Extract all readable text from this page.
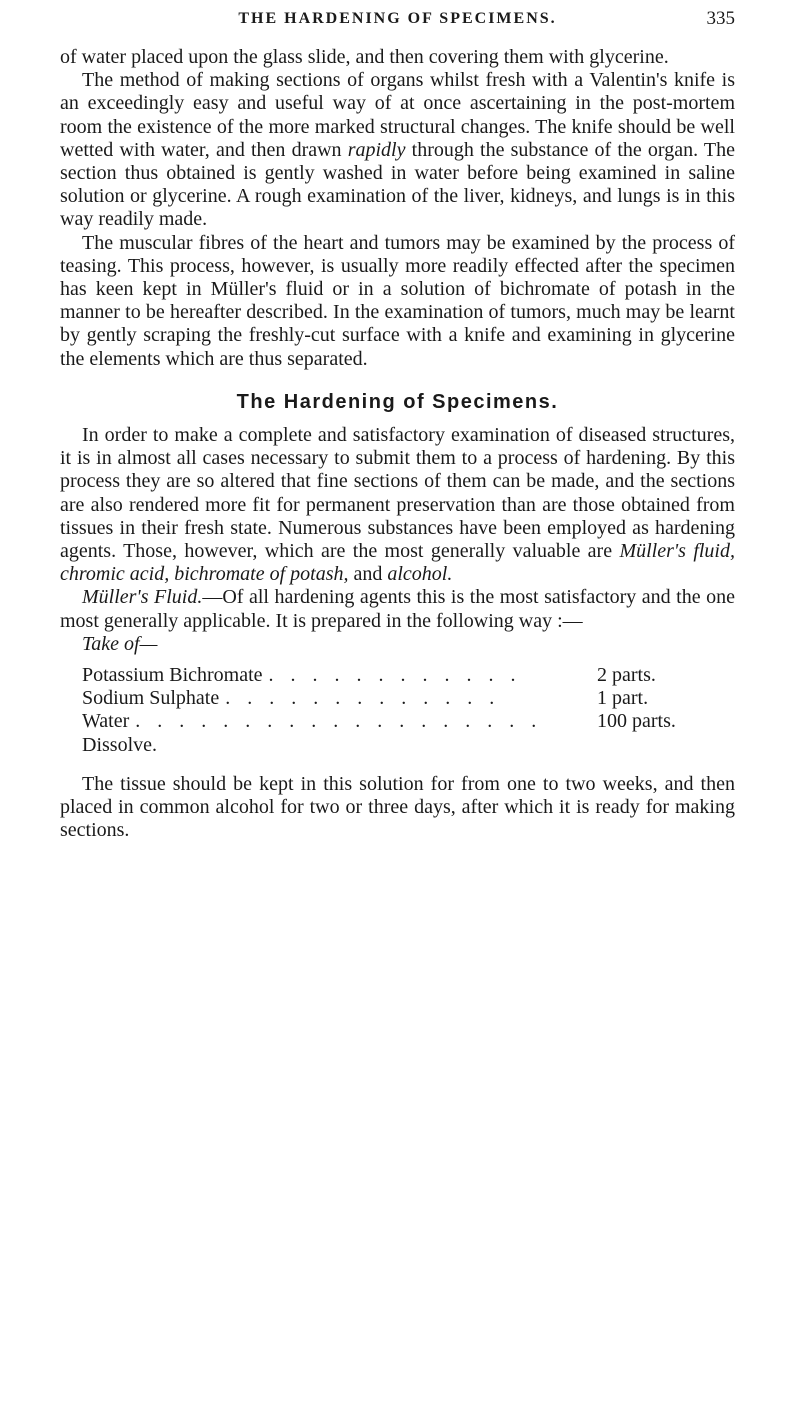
THE HARDENING OF SPECIMENS.	335

of water placed upon the glass slide, and then covering them with glycerine.

The method of making sections of organs whilst fresh with a Valentin's knife is an exceedingly easy and useful way of at once ascertaining in the post-mortem room the existence of the more marked structural changes. The knife should be well wetted with water, and then drawn rapidly through the substance of the organ. The section thus obtained is gently washed in water before being examined in saline solution or glycerine. A rough examination of the liver, kidneys, and lungs is in this way readily made.

The muscular fibres of the heart and tumors may be examined by the process of teasing. This process, however, is usually more readily effected after the specimen has keen kept in Müller's fluid or in a solution of bichromate of potash in the manner to be hereafter described. In the examination of tumors, much may be learnt by gently scraping the freshly-cut surface with a knife and examining in glycerine the elements which are thus separated.

The Hardening of Specimens.

In order to make a complete and satisfactory examination of diseased structures, it is in almost all cases necessary to submit them to a process of hardening. By this process they are so altered that fine sections of them can be made, and the sections are also rendered more fit for permanent preservation than are those obtained from tissues in their fresh state. Numerous substances have been employed as hardening agents. Those, however, which are the most generally valuable are Müller's fluid, chromic acid, bichromate of potash, and alcohol.

Müller's Fluid.—Of all hardening agents this is the most satisfactory and the one most generally applicable. It is prepared in the following way :—

Take of—

Potassium Bichromate . . . . . . . . . . . .	2 parts.
Sodium Sulphate . . . . . . . . . . . . .	1 part.
Water . . . . . . . . . . . . . . . . . . .	100 parts.

Dissolve.

The tissue should be kept in this solution for from one to two weeks, and then placed in common alcohol for two or three days, after which it is ready for making sections.
